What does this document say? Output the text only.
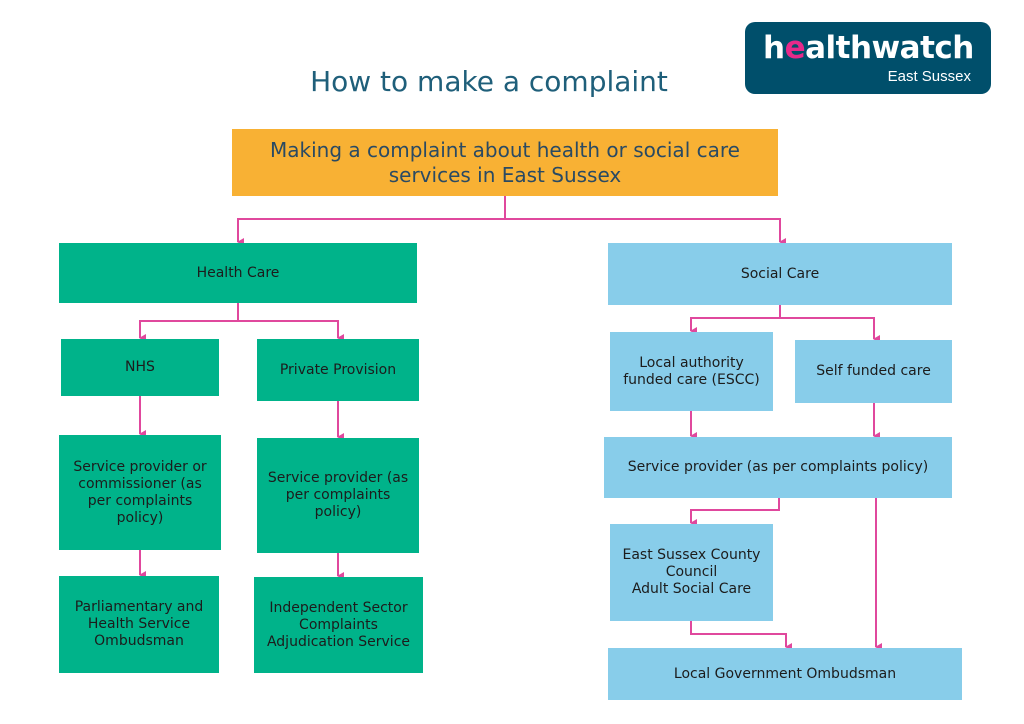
healthwatch
East Sussex
How to make a complaint
Making a complaint about health or social care services in East Sussex
Health Care
NHS	Private Provision
Service provider or commissioner (as per complaints policy)
Service provider (as per complaints policy)
Parliamentary and Health Service Ombudsman
Independent Sector Complaints Adjudication Service
Social Care
Local authority funded care (ESCC)
Self funded care
Service provider (as per complaints policy)
East Sussex County Council
Adult Social Care
Local Government Ombudsman
